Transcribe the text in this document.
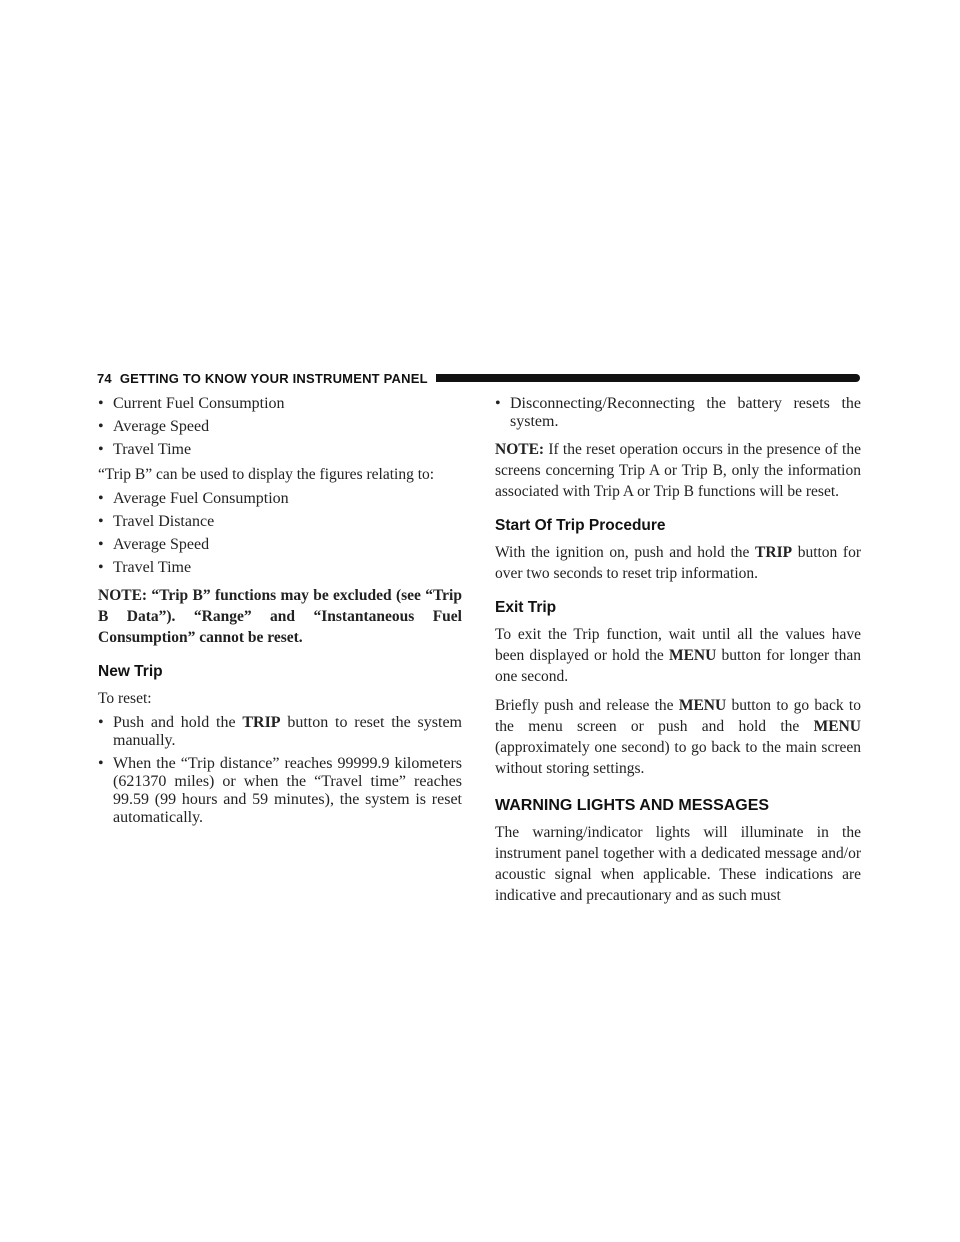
74 GETTING TO KNOW YOUR INSTRUMENT PANEL
• Current Fuel Consumption
• Average Speed
• Travel Time

“Trip B” can be used to display the figures relating to:

• Average Fuel Consumption
• Travel Distance
• Average Speed
• Travel Time

NOTE: “Trip B” functions may be excluded (see “Trip B Data”). “Range” and “Instantaneous Fuel Consumption” cannot be reset.

New Trip

To reset:

• Push and hold the TRIP button to reset the system manually.
• When the “Trip distance” reaches 99999.9 kilometers (621370 miles) or when the “Travel time” reaches 99.59 (99 hours and 59 minutes), the system is reset automatically.
• Disconnecting/Reconnecting the battery resets the system.

NOTE: If the reset operation occurs in the presence of the screens concerning Trip A or Trip B, only the information associated with Trip A or Trip B functions will be reset.

Start Of Trip Procedure

With the ignition on, push and hold the TRIP button for over two seconds to reset trip information.

Exit Trip

To exit the Trip function, wait until all the values have been displayed or hold the MENU button for longer than one second.

Briefly push and release the MENU button to go back to the menu screen or push and hold the MENU (approximately one second) to go back to the main screen without storing settings.

WARNING LIGHTS AND MESSAGES

The warning/indicator lights will illuminate in the instrument panel together with a dedicated message and/or acoustic signal when applicable. These indications are indicative and precautionary and as such must
